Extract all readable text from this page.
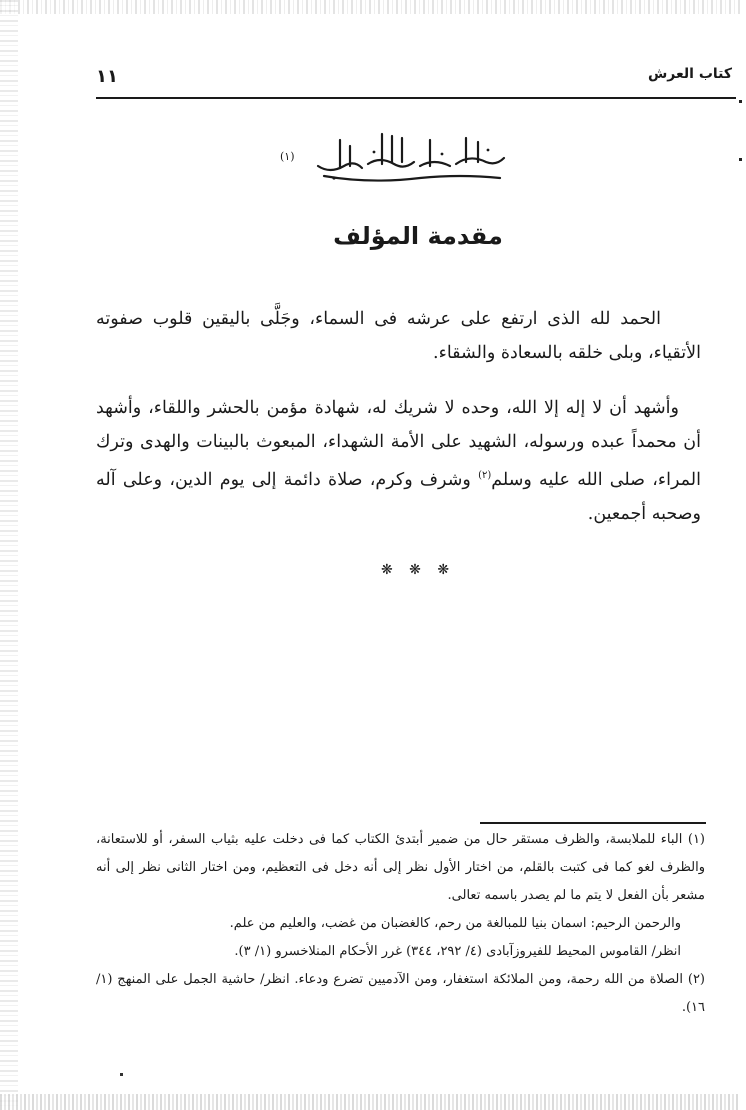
١١	كتاب العرش
(١)
مقدمة المؤلف
الحمد لله الذى ارتفع على عرشه فى السماء، وجَلَّى باليقين قلوب صفوته الأتقياء، وبلى خلقه بالسعادة والشقاء.
وأشهد أن لا إله إلا الله، وحده لا شريك له، شهادة مؤمن بالحشر واللقاء، وأشهد أن محمداً عبده ورسوله، الشهيد على الأمة الشهداء، المبعوث بالبينات والهدى وترك المراء، صلى الله عليه وسلم$^{(٢)}$ وشرف وكرم، صلاة دائمة إلى يوم الدين، وعلى آله وصحبه أجمعين.
❋ ❋ ❋

(١) الباء للملابسة، والظرف مستقر حال من ضمير أبتدئ الكتاب كما فى دخلت عليه بثياب السفر، أو للاستعانة، والظرف لغو كما فى كتبت بالقلم، من اختار الأول نظر إلى أنه دخل فى التعظيم، ومن اختار الثانى نظر إلى أنه مشعر بأن الفعل لا يتم ما لم يصدر باسمه تعالى.

والرحمن الرحيم: اسمان بنيا للمبالغة من رحم، كالغضبان من غضب، والعليم من علم.

انظر/ القاموس المحيط للفيروزآبادى (٤/ ٢٩٢، ٣٤٤) غرر الأحكام المنلاخسرو (١/ ٣).

(٢) الصلاة من الله رحمة، ومن الملائكة استغفار، ومن الآدميين تضرع ودعاء. انظر/ حاشية الجمل على المنهج (١/ ١٦).
